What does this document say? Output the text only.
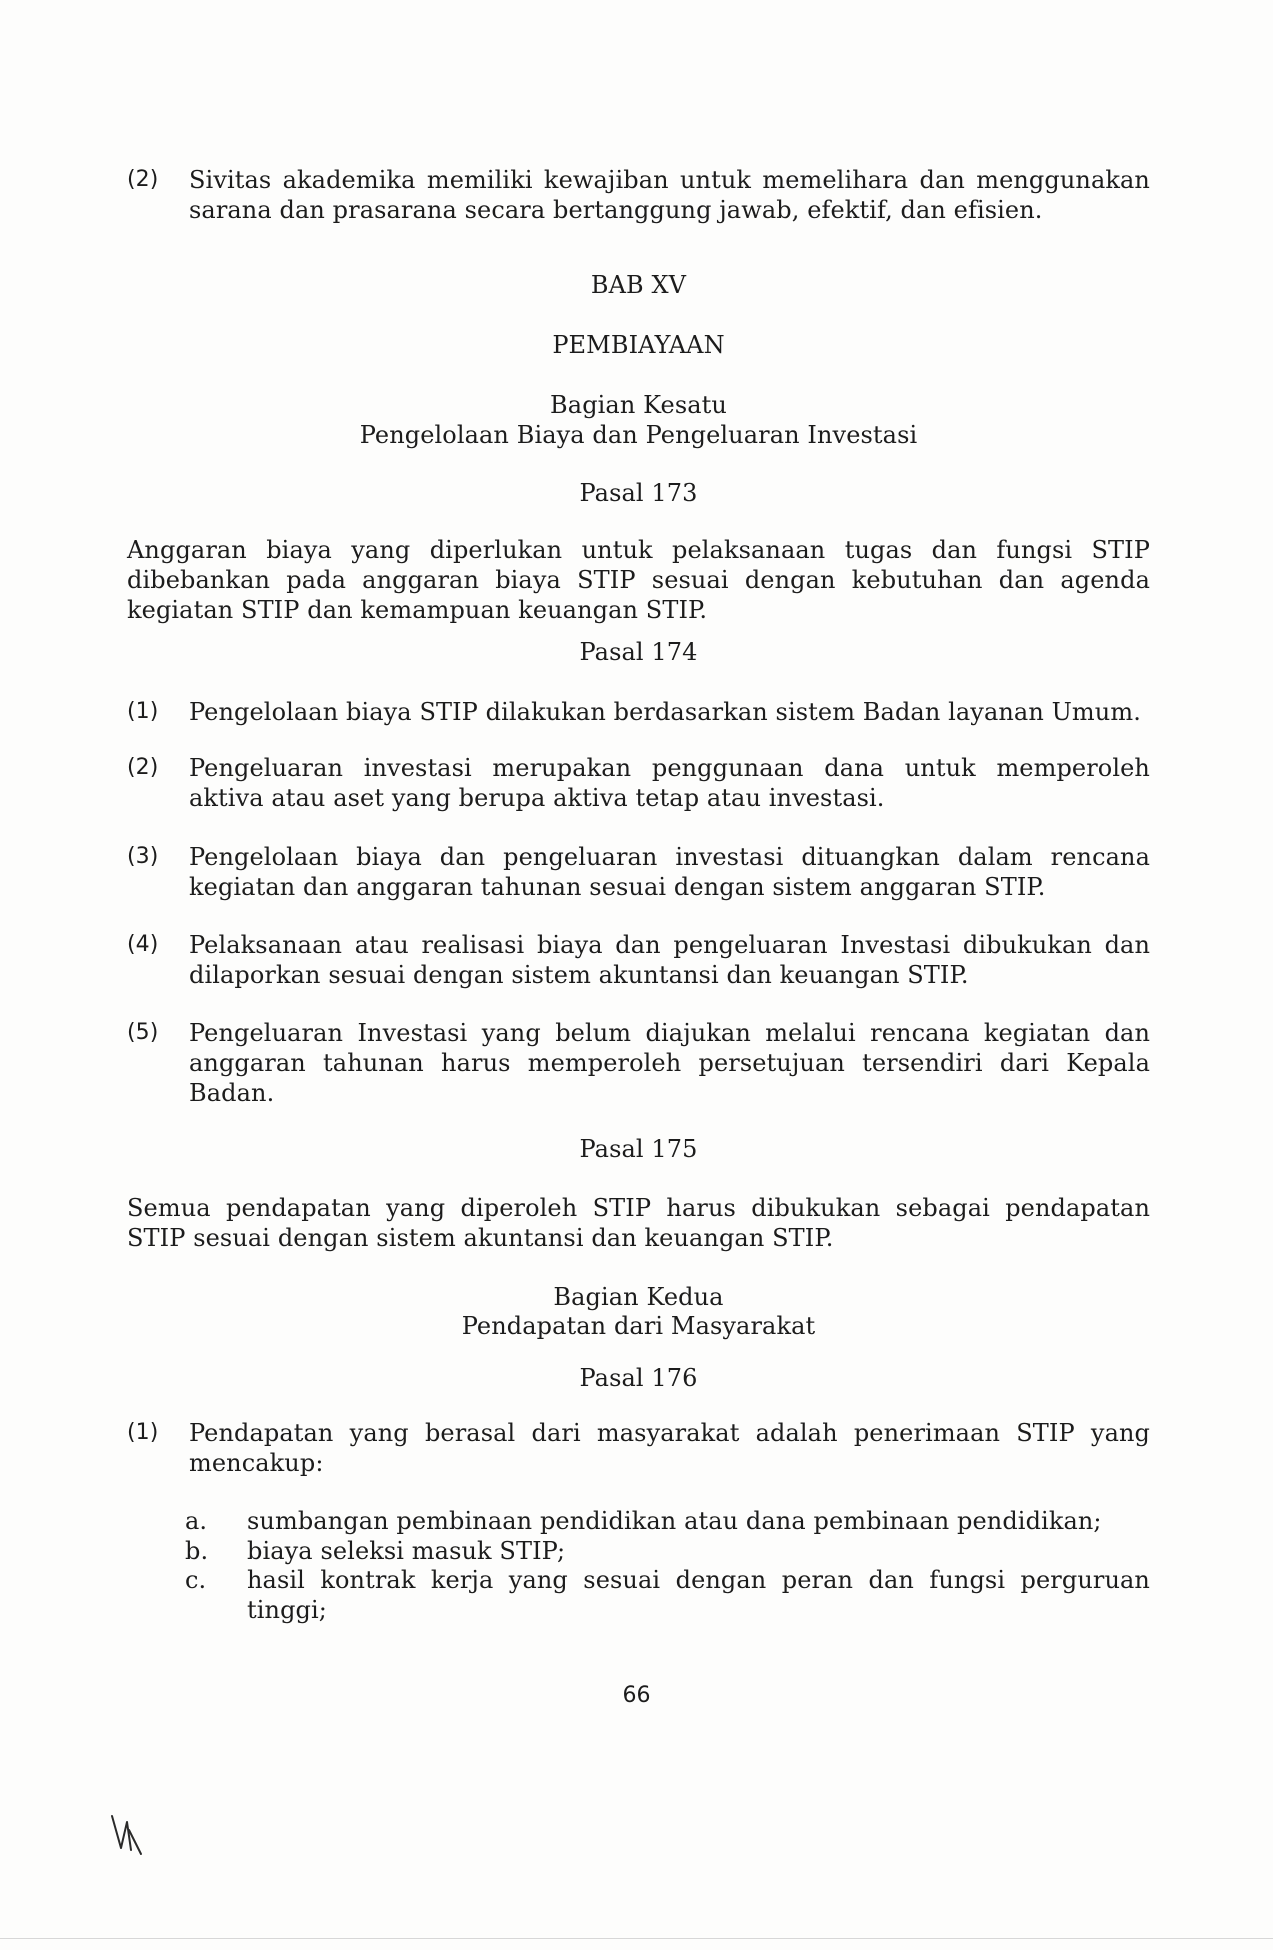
(2) Sivitas akademika memiliki kewajiban untuk memelihara dan menggunakan sarana dan prasarana secara bertanggung jawab, efektif, dan efisien.
BAB XV
PEMBIAYAAN
Bagian Kesatu
Pengelolaan Biaya dan Pengeluaran Investasi
Pasal 173
Anggaran biaya yang diperlukan untuk pelaksanaan tugas dan fungsi STIP dibebankan pada anggaran biaya STIP sesuai dengan kebutuhan dan agenda kegiatan STIP dan kemampuan keuangan STIP.
Pasal 174
(1) Pengelolaan biaya STIP dilakukan berdasarkan sistem Badan layanan Umum.
(2) Pengeluaran investasi merupakan penggunaan dana untuk memperoleh aktiva atau aset yang berupa aktiva tetap atau investasi.
(3) Pengelolaan biaya dan pengeluaran investasi dituangkan dalam rencana kegiatan dan anggaran tahunan sesuai dengan sistem anggaran STIP.
(4) Pelaksanaan atau realisasi biaya dan pengeluaran Investasi dibukukan dan dilaporkan sesuai dengan sistem akuntansi dan keuangan STIP.
(5) Pengeluaran Investasi yang belum diajukan melalui rencana kegiatan dan anggaran tahunan harus memperoleh persetujuan tersendiri dari Kepala Badan.
Pasal 175
Semua pendapatan yang diperoleh STIP harus dibukukan sebagai pendapatan STIP sesuai dengan sistem akuntansi dan keuangan STIP.
Bagian Kedua
Pendapatan dari Masyarakat
Pasal 176
(1) Pendapatan yang berasal dari masyarakat adalah penerimaan STIP yang mencakup:
a. sumbangan pembinaan pendidikan atau dana pembinaan pendidikan;
b. biaya seleksi masuk STIP;
c. hasil kontrak kerja yang sesuai dengan peran dan fungsi perguruan tinggi;
66
